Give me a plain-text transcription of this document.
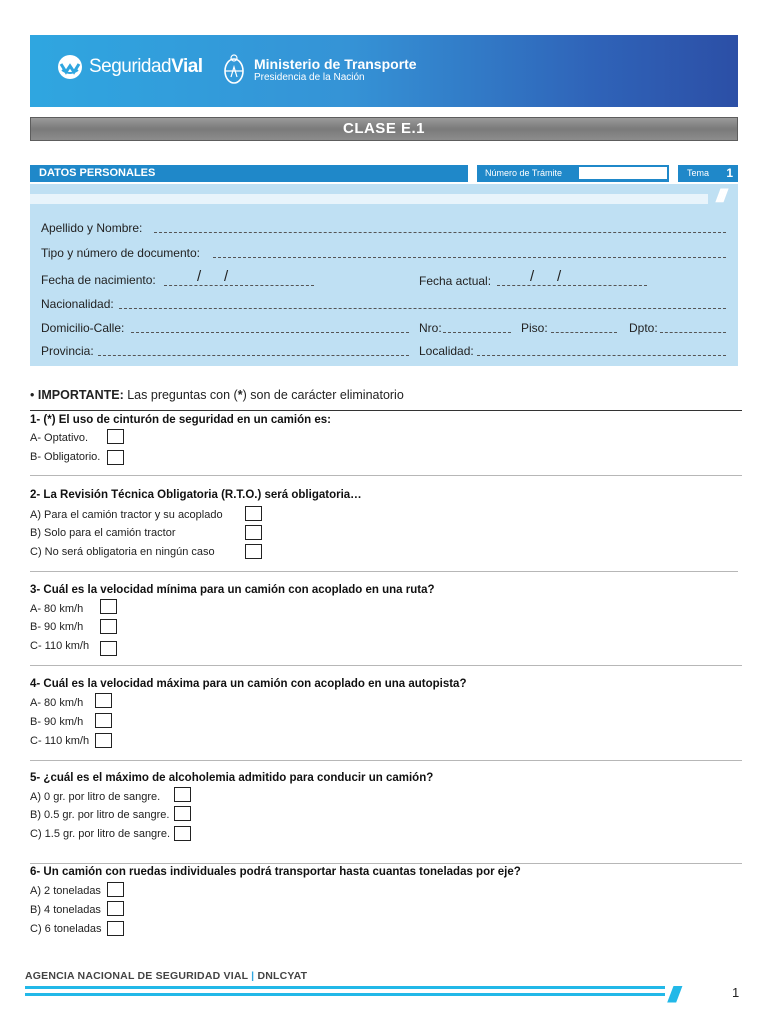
SeguridadVial	Ministerio de Transporte
Presidencia de la Nación
CLASE E.1
DATOS PERSONALES	Número de Trámite	Tema 1
////
Apellido y Nombre:
Tipo y número de documento:
Fecha de nacimiento:	/ /	Fecha actual:	/ /
Nacionalidad:
Domicilio-Calle:	Nro:	Piso:	Dpto:
Provincia:	Localidad:
• IMPORTANTE: Las preguntas con (*) son de carácter eliminatorio
1- (*) El uso de cinturón de seguridad en un camión es:
A- Optativo.
B- Obligatorio.
2- La Revisión Técnica Obligatoria (R.T.O.) será obligatoria…
A) Para el camión tractor y su acoplado
B) Solo para el camión tractor
C) No será obligatoria en ningún caso
3- Cuál es la velocidad mínima para un camión con acoplado en una ruta?
A- 80 km/h
B- 90 km/h
C- 110 km/h
4- Cuál es la velocidad máxima para un camión con acoplado en una autopista?
A- 80 km/h
B- 90 km/h
C- 110 km/h
5- ¿cuál es el máximo de alcoholemia admitido para conducir un camión?
A) 0 gr. por litro de sangre.
B) 0.5 gr. por litro de sangre.
C) 1.5 gr. por litro de sangre.
6- Un camión con ruedas individuales podrá transportar hasta cuantas toneladas por eje?
A) 2 toneladas
B) 4 toneladas
C) 6 toneladas
AGENCIA NACIONAL DE SEGURIDAD VIAL | DNLCYAT
////	1
